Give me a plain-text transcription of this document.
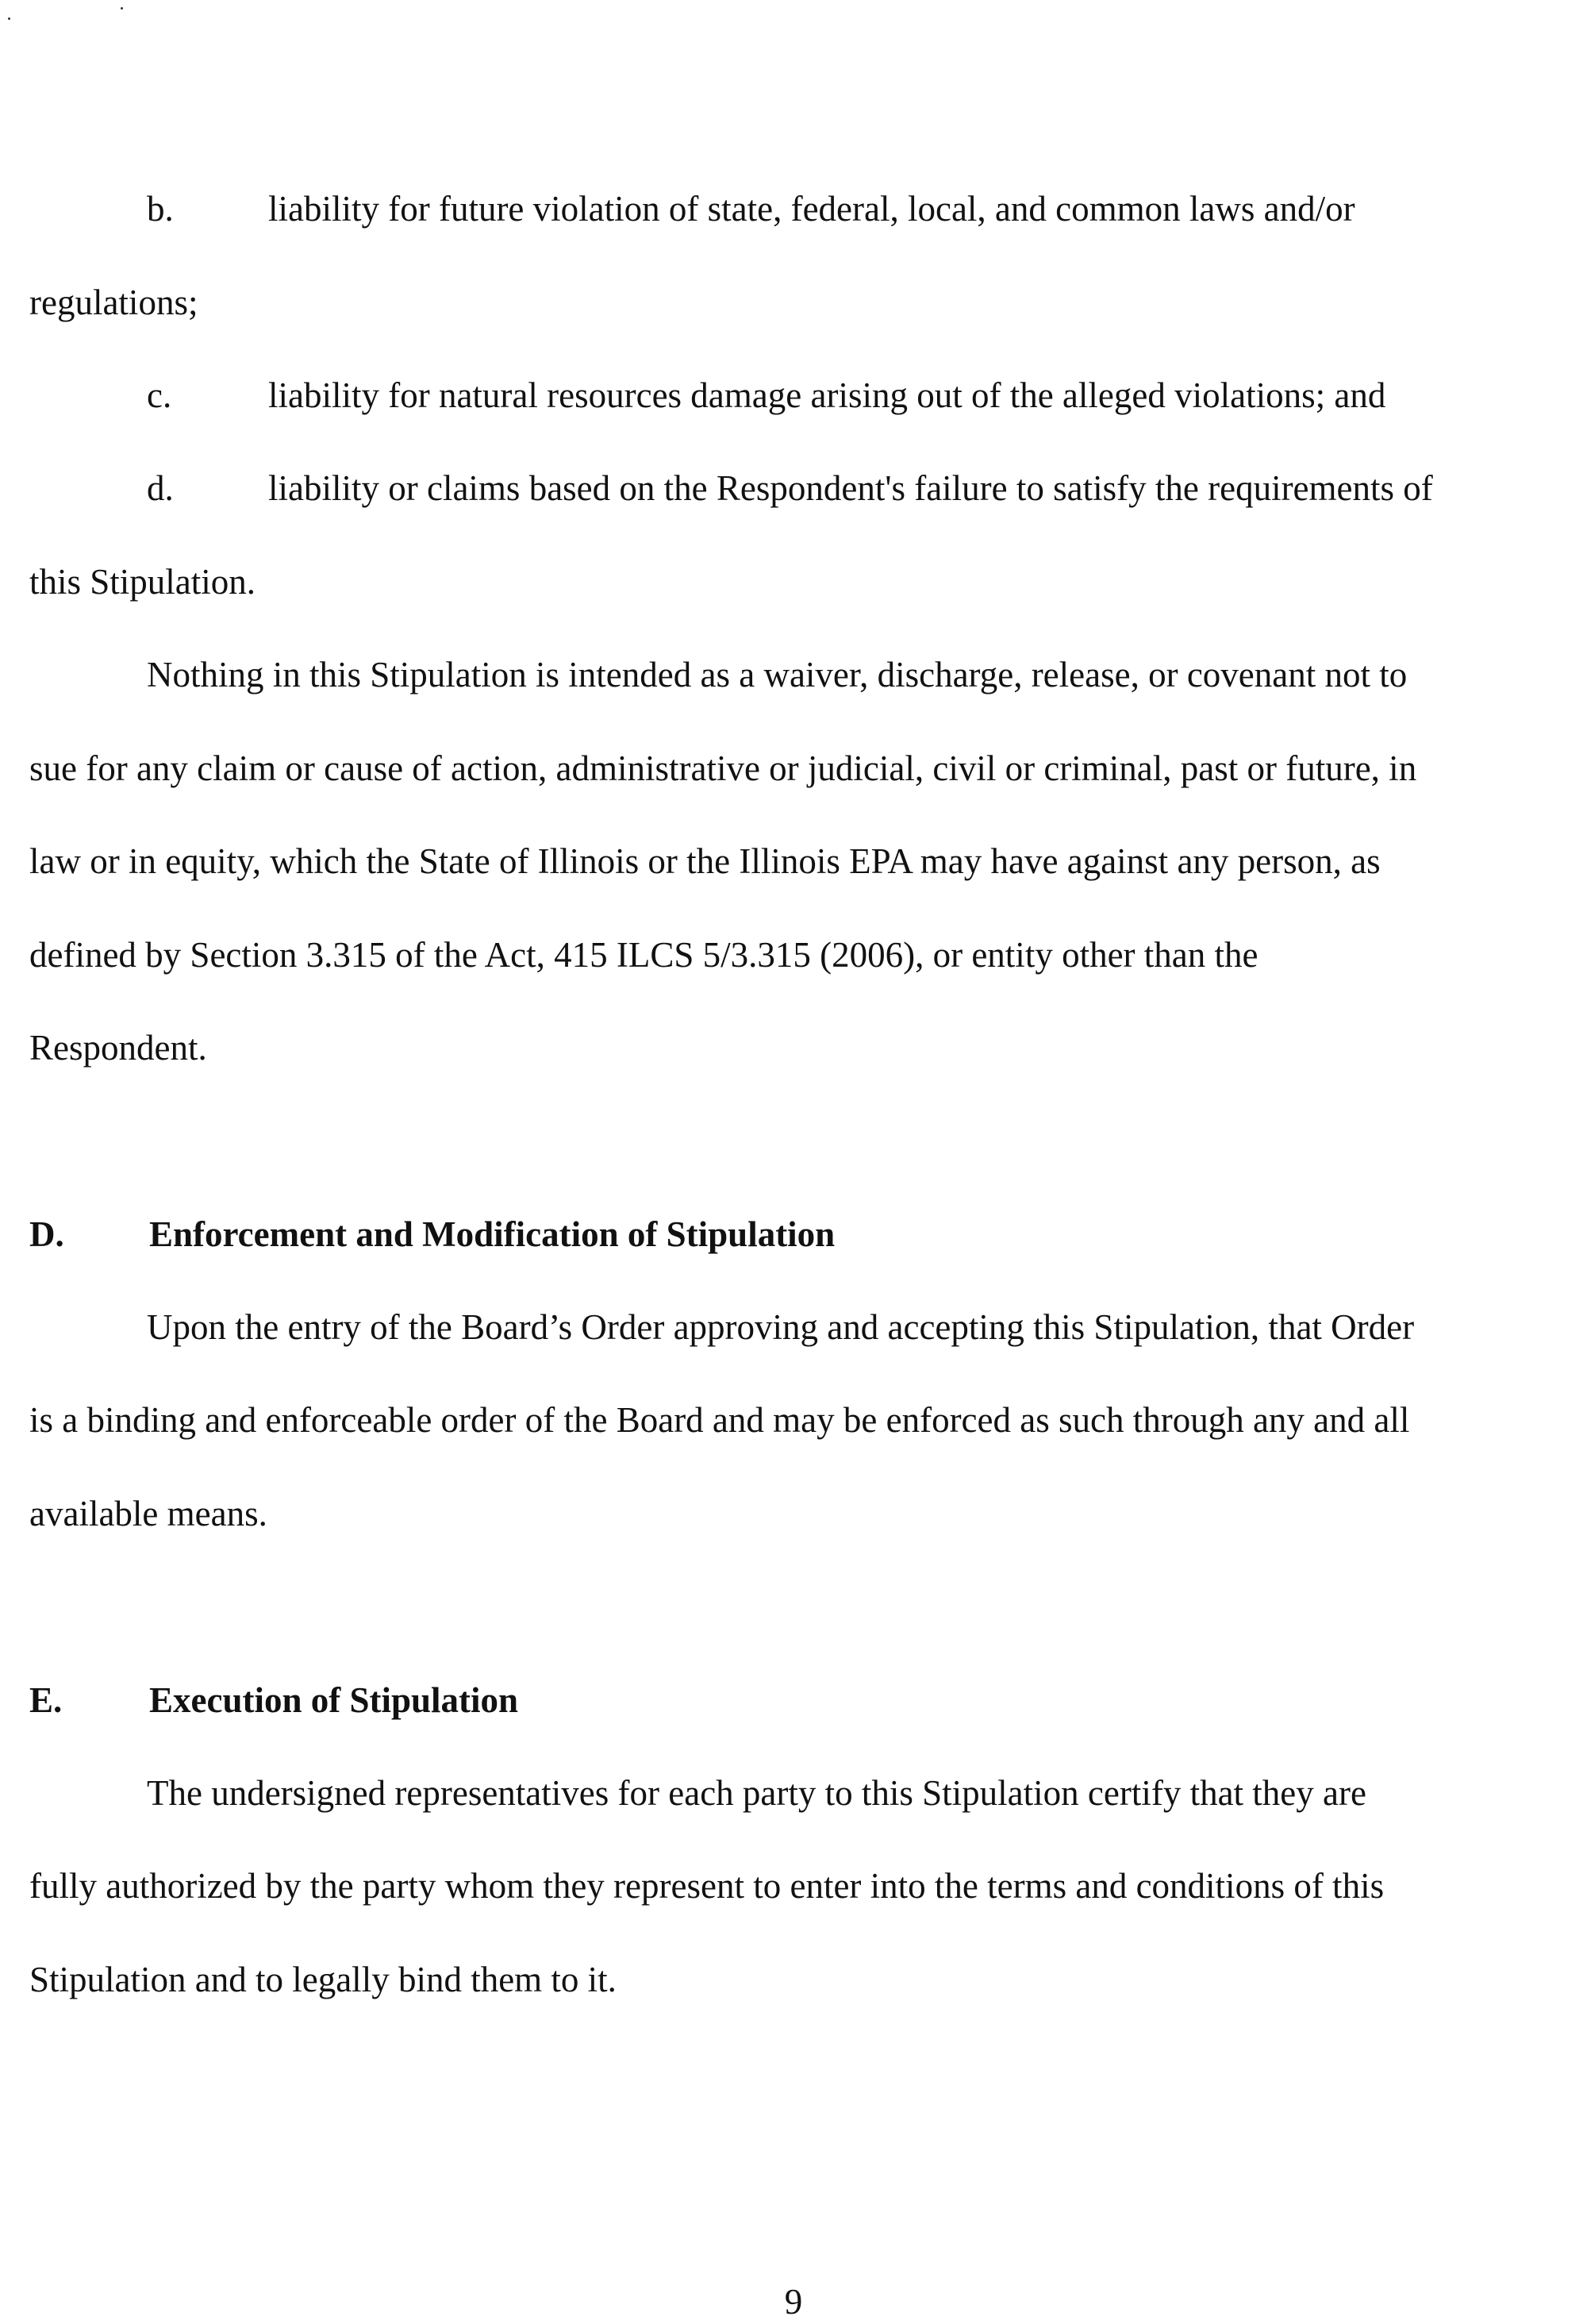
b.	liability for future violation of state, federal, local, and common laws and/or
regulations;
c.	liability for natural resources damage arising out of the alleged violations; and
d.	liability or claims based on the Respondent's failure to satisfy the requirements of
this Stipulation.
Nothing in this Stipulation is intended as a waiver, discharge, release, or covenant not to
sue for any claim or cause of action, administrative or judicial, civil or criminal, past or future, in
law or in equity, which the State of Illinois or the Illinois EPA may have against any person, as
defined by Section 3.315 of the Act, 415 ILCS 5/3.315 (2006), or entity other than the
Respondent.
D. Enforcement and Modification of Stipulation
Upon the entry of the Board’s Order approving and accepting this Stipulation, that Order
is a binding and enforceable order of the Board and may be enforced as such through any and all
available means.
E. Execution of Stipulation
The undersigned representatives for each party to this Stipulation certify that they are
fully authorized by the party whom they represent to enter into the terms and conditions of this
Stipulation and to legally bind them to it.
9
